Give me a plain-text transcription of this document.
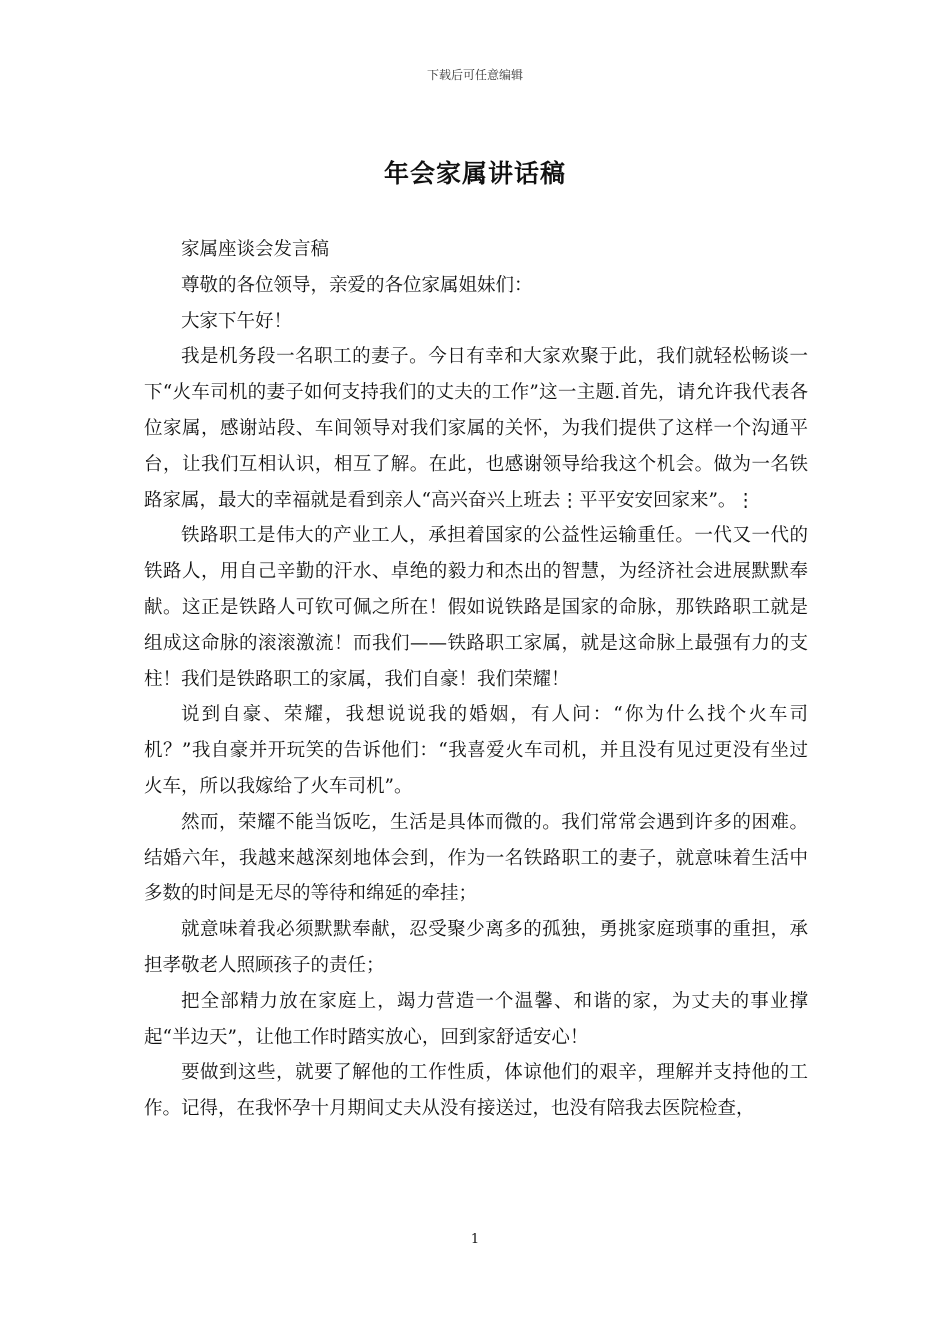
下载后可任意编辑
年会家属讲话稿

家属座谈会发言稿

尊敬的各位领导，亲爱的各位家属姐妹们：

大家下午好！

我是机务段一名职工的妻子。今日有幸和大家欢聚于此，我们就轻松畅谈一下“火车司机的妻子如何支持我们的丈夫的工作”这一主题.首先，请允许我代表各位家属，感谢站段、车间领导对我们家属的关怀，为我们提供了这样一个沟通平台，让我们互相认识，相互了解。在此，也感谢领导给我这个机会。做为一名铁路家属，最大的幸福就是看到亲人“高兴奋兴上班去⋮平平安安回家来”。⋮

铁路职工是伟大的产业工人，承担着国家的公益性运输重任。一代又一代的铁路人，用自己辛勤的汗水、卓绝的毅力和杰出的智慧，为经济社会进展默默奉献。这正是铁路人可钦可佩之所在！假如说铁路是国家的命脉，那铁路职工就是组成这命脉的滚滚激流！而我们——铁路职工家属，就是这命脉上最强有力的支柱！我们是铁路职工的家属，我们自豪！我们荣耀！

说到自豪、荣耀，我想说说我的婚姻，有人问：“你为什么找个火车司机？”我自豪并开玩笑的告诉他们：“我喜爱火车司机，并且没有见过更没有坐过火车，所以我嫁给了火车司机”。

然而，荣耀不能当饭吃，生活是具体而微的。我们常常会遇到许多的困难。结婚六年，我越来越深刻地体会到，作为一名铁路职工的妻子，就意味着生活中多数的时间是无尽的等待和绵延的牵挂；

就意味着我必须默默奉献，忍受聚少离多的孤独，勇挑家庭琐事的重担，承担孝敬老人照顾孩子的责任；

把全部精力放在家庭上，竭力营造一个温馨、和谐的家，为丈夫的事业撑起“半边天”，让他工作时踏实放心，回到家舒适安心！

要做到这些，就要了解他的工作性质，体谅他们的艰辛，理解并支持他的工作。记得，在我怀孕十月期间丈夫从没有接送过，也没有陪我去医院检查，

1
